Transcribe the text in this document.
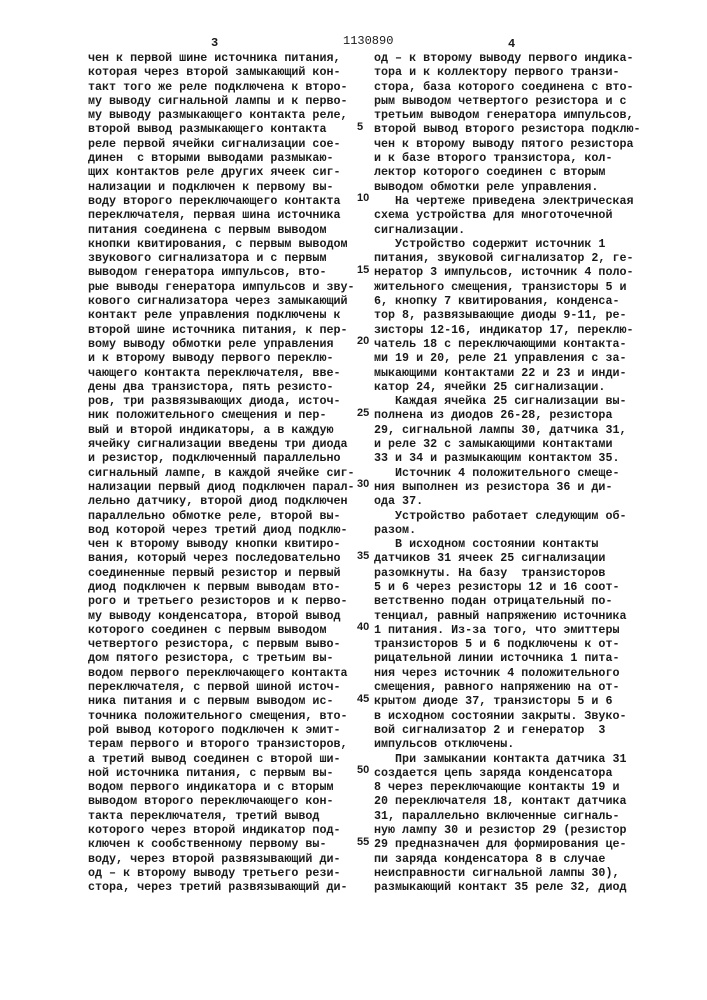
3	1130890	4
чен к первой шине источника питания,
которая через второй замыкающий кон-
такт того же реле подключена к второ-
му выводу сигнальной лампы и к перво-
му выводу размыкающего контакта реле,
второй вывод размыкающего контакта
реле первой ячейки сигнализации сое-
динен  с вторыми выводами размыкаю-
щих контактов реле других ячеек сиг-
нализации и подключен к первому вы-
воду второго переключающего контакта
переключателя, первая шина источника
питания соединена с первым выводом
кнопки квитирования, с первым выводом
звукового сигнализатора и с первым
выводом генератора импульсов, вто-
рые выводы генератора импульсов и зву-
кового сигнализатора через замыкающий
контакт реле управления подключены к
второй шине источника питания, к пер-
вому выводу обмотки реле управления
и к второму выводу первого переклю-
чающего контакта переключателя, вве-
дены два транзистора, пять резисто-
ров, три развязывающих диода, источ-
ник положительного смещения и пер-
вый и второй индикаторы, а в каждую
ячейку сигнализации введены три диода
и резистор, подключенный параллельно
сигнальный лампе, в каждой ячейке сиг-
нализации первый диод подключен парал-
лельно датчику, второй диод подключен
параллельно обмотке реле, второй вы-
вод которой через третий диод подклю-
чен к второму выводу кнопки квитиро-
вания, который через последовательно
соединенные первый резистор и первый
диод подключен к первым выводам вто-
рого и третьего резисторов и к перво-
му выводу конденсатора, второй вывод
которого соединен с первым выводом
четвертого резистора, с первым выво-
дом пятого резистора, с третьим вы-
водом первого переключающего контакта
переключателя, с первой шиной источ-
ника питания и с первым выводом ис-
точника положительного смещения, вто-
рой вывод которого подключен к эмит-
терам первого и второго транзисторов,
а третий вывод соединен с второй ши-
ной источника питания, с первым вы-
водом первого индикатора и с вторым
выводом второго переключающего кон-
такта переключателя, третий вывод
которого через второй индикатор под-
ключен к сообственному первому вы-
воду, через второй развязывающий ди-
од – к второму выводу третьего рези-
стора, через третий развязывающий ди-
од – к второму выводу первого индика-
тора и к коллектору первого транзи-
стора, база которого соединена с вто-
рым выводом четвертого резистора и с
третьим выводом генератора импульсов,
второй вывод второго резистора подклю-
чен к второму выводу пятого резистора
и к базе второго транзистора, кол-
лектор которого соединен с вторым
выводом обмотки реле управления.
На чертеже приведена электрическая
схема устройства для многоточечной
сигнализации.
Устройство содержит источник 1
питания, звуковой сигнализатор 2, ге-
нератор 3 импульсов, источник 4 поло-
жительного смещения, транзисторы 5 и
6, кнопку 7 квитирования, конденса-
тор 8, развязывающие диоды 9-11, ре-
зисторы 12-16, индикатор 17, переклю-
чатель 18 с переключающими контакта-
ми 19 и 20, реле 21 управления с за-
мыкающими контактами 22 и 23 и инди-
катор 24, ячейки 25 сигнализации.
Каждая ячейка 25 сигнализации вы-
полнена из диодов 26-28, резистора
29, сигнальной лампы 30, датчика 31,
и реле 32 с замыкающими контактами
33 и 34 и размыкающим контактом 35.
Источник 4 положительного смеще-
ния выполнен из резистора 36 и ди-
ода 37.
Устройство работает следующим об-
разом.
В исходном состоянии контакты
датчиков 31 ячеек 25 сигнализации
разомкнуты. На базу  транзисторов
5 и 6 через резисторы 12 и 16 соот-
ветственно подан отрицательный по-
тенциал, равный напряжению источника
1 питания. Из-за того, что эмиттеры
транзисторов 5 и 6 подключены к от-
рицательной линии источника 1 пита-
ния через источник 4 положительного
смещения, равного напряжению на от-
крытом диоде 37, транзисторы 5 и 6
в исходном состоянии закрыты. Звуко-
вой сигнализатор 2 и генератор  3
импульсов отключены.
При замыкании контакта датчика 31
создается цепь заряда конденсатора
8 через переключающие контакты 19 и
20 переключателя 18, контакт датчика
31, параллельно включенные сигналь-
ную лампу 30 и резистор 29 (резистор
29 предназначен для формирования це-
пи заряда конденсатора 8 в случае
неисправности сигнальной лампы 30),
размыкающий контакт 35 реле 32, диод
5
10
15
20
25
30
35
40
45
50
55
